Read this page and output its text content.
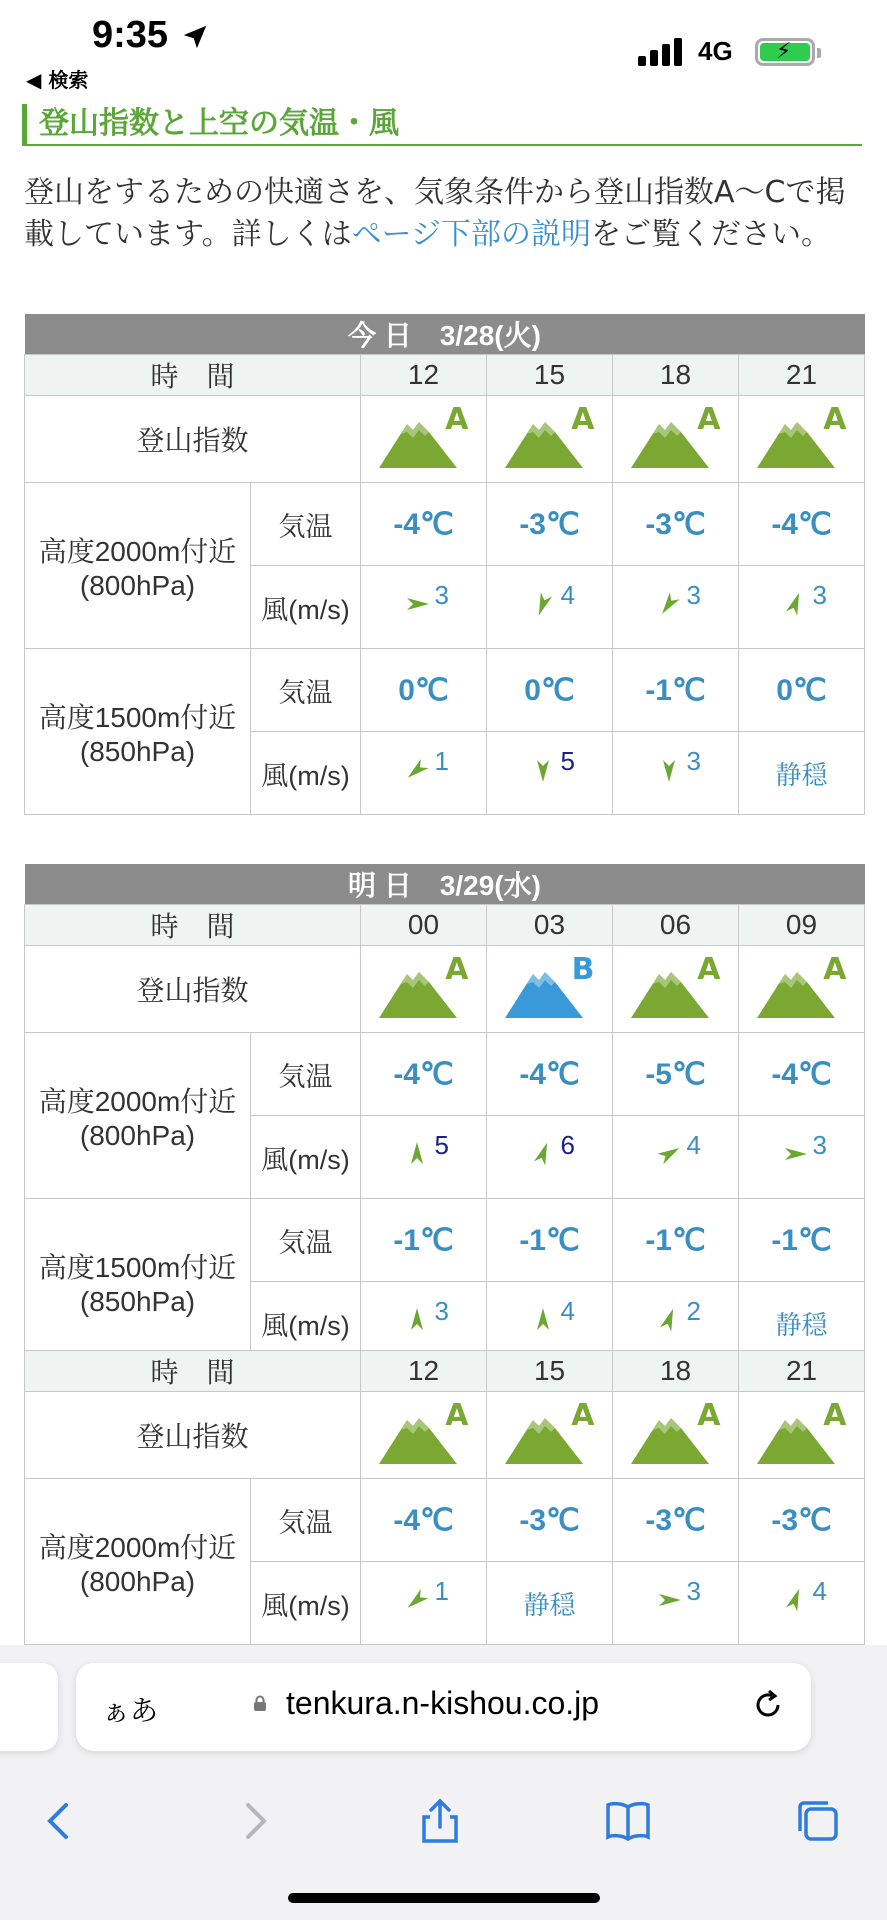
9:35
◀ 検索
4G ⚡
登山指数と上空の気温・風
登山をするための快適さを、気象条件から登山指数A～Cで掲載しています。詳しくはページ下部の説明をご覧ください。
今 日　3/28(火)					
時　間		12	15	18	21
登山指数		A	A	A	A

高度2000m付近
(800hPa)	気温	-4℃	-3℃	-3℃	-4℃
	風(m/s)	3	4	3	3

高度1500m付近
(850hPa)	気温	0℃	0℃	-1℃	0℃
	風(m/s)	1	5	3	静穏
明 日　3/29(水)					
時　間		00	03	06	09
登山指数		A	B	A	A

高度2000m付近
(800hPa)	気温	-4℃	-4℃	-5℃	-4℃
	風(m/s)	5	6	4	3

高度1500m付近
(850hPa)	気温	-1℃	-1℃	-1℃	-1℃
	風(m/s)	3	4	2	静穏
時　間		12	15	18	21
登山指数		A	A	A	A

高度2000m付近
(800hPa)	気温	-4℃	-3℃	-3℃	-3℃
	風(m/s)	1	静穏	3	4
ぁあ	tenkura.n-kishou.co.jp
